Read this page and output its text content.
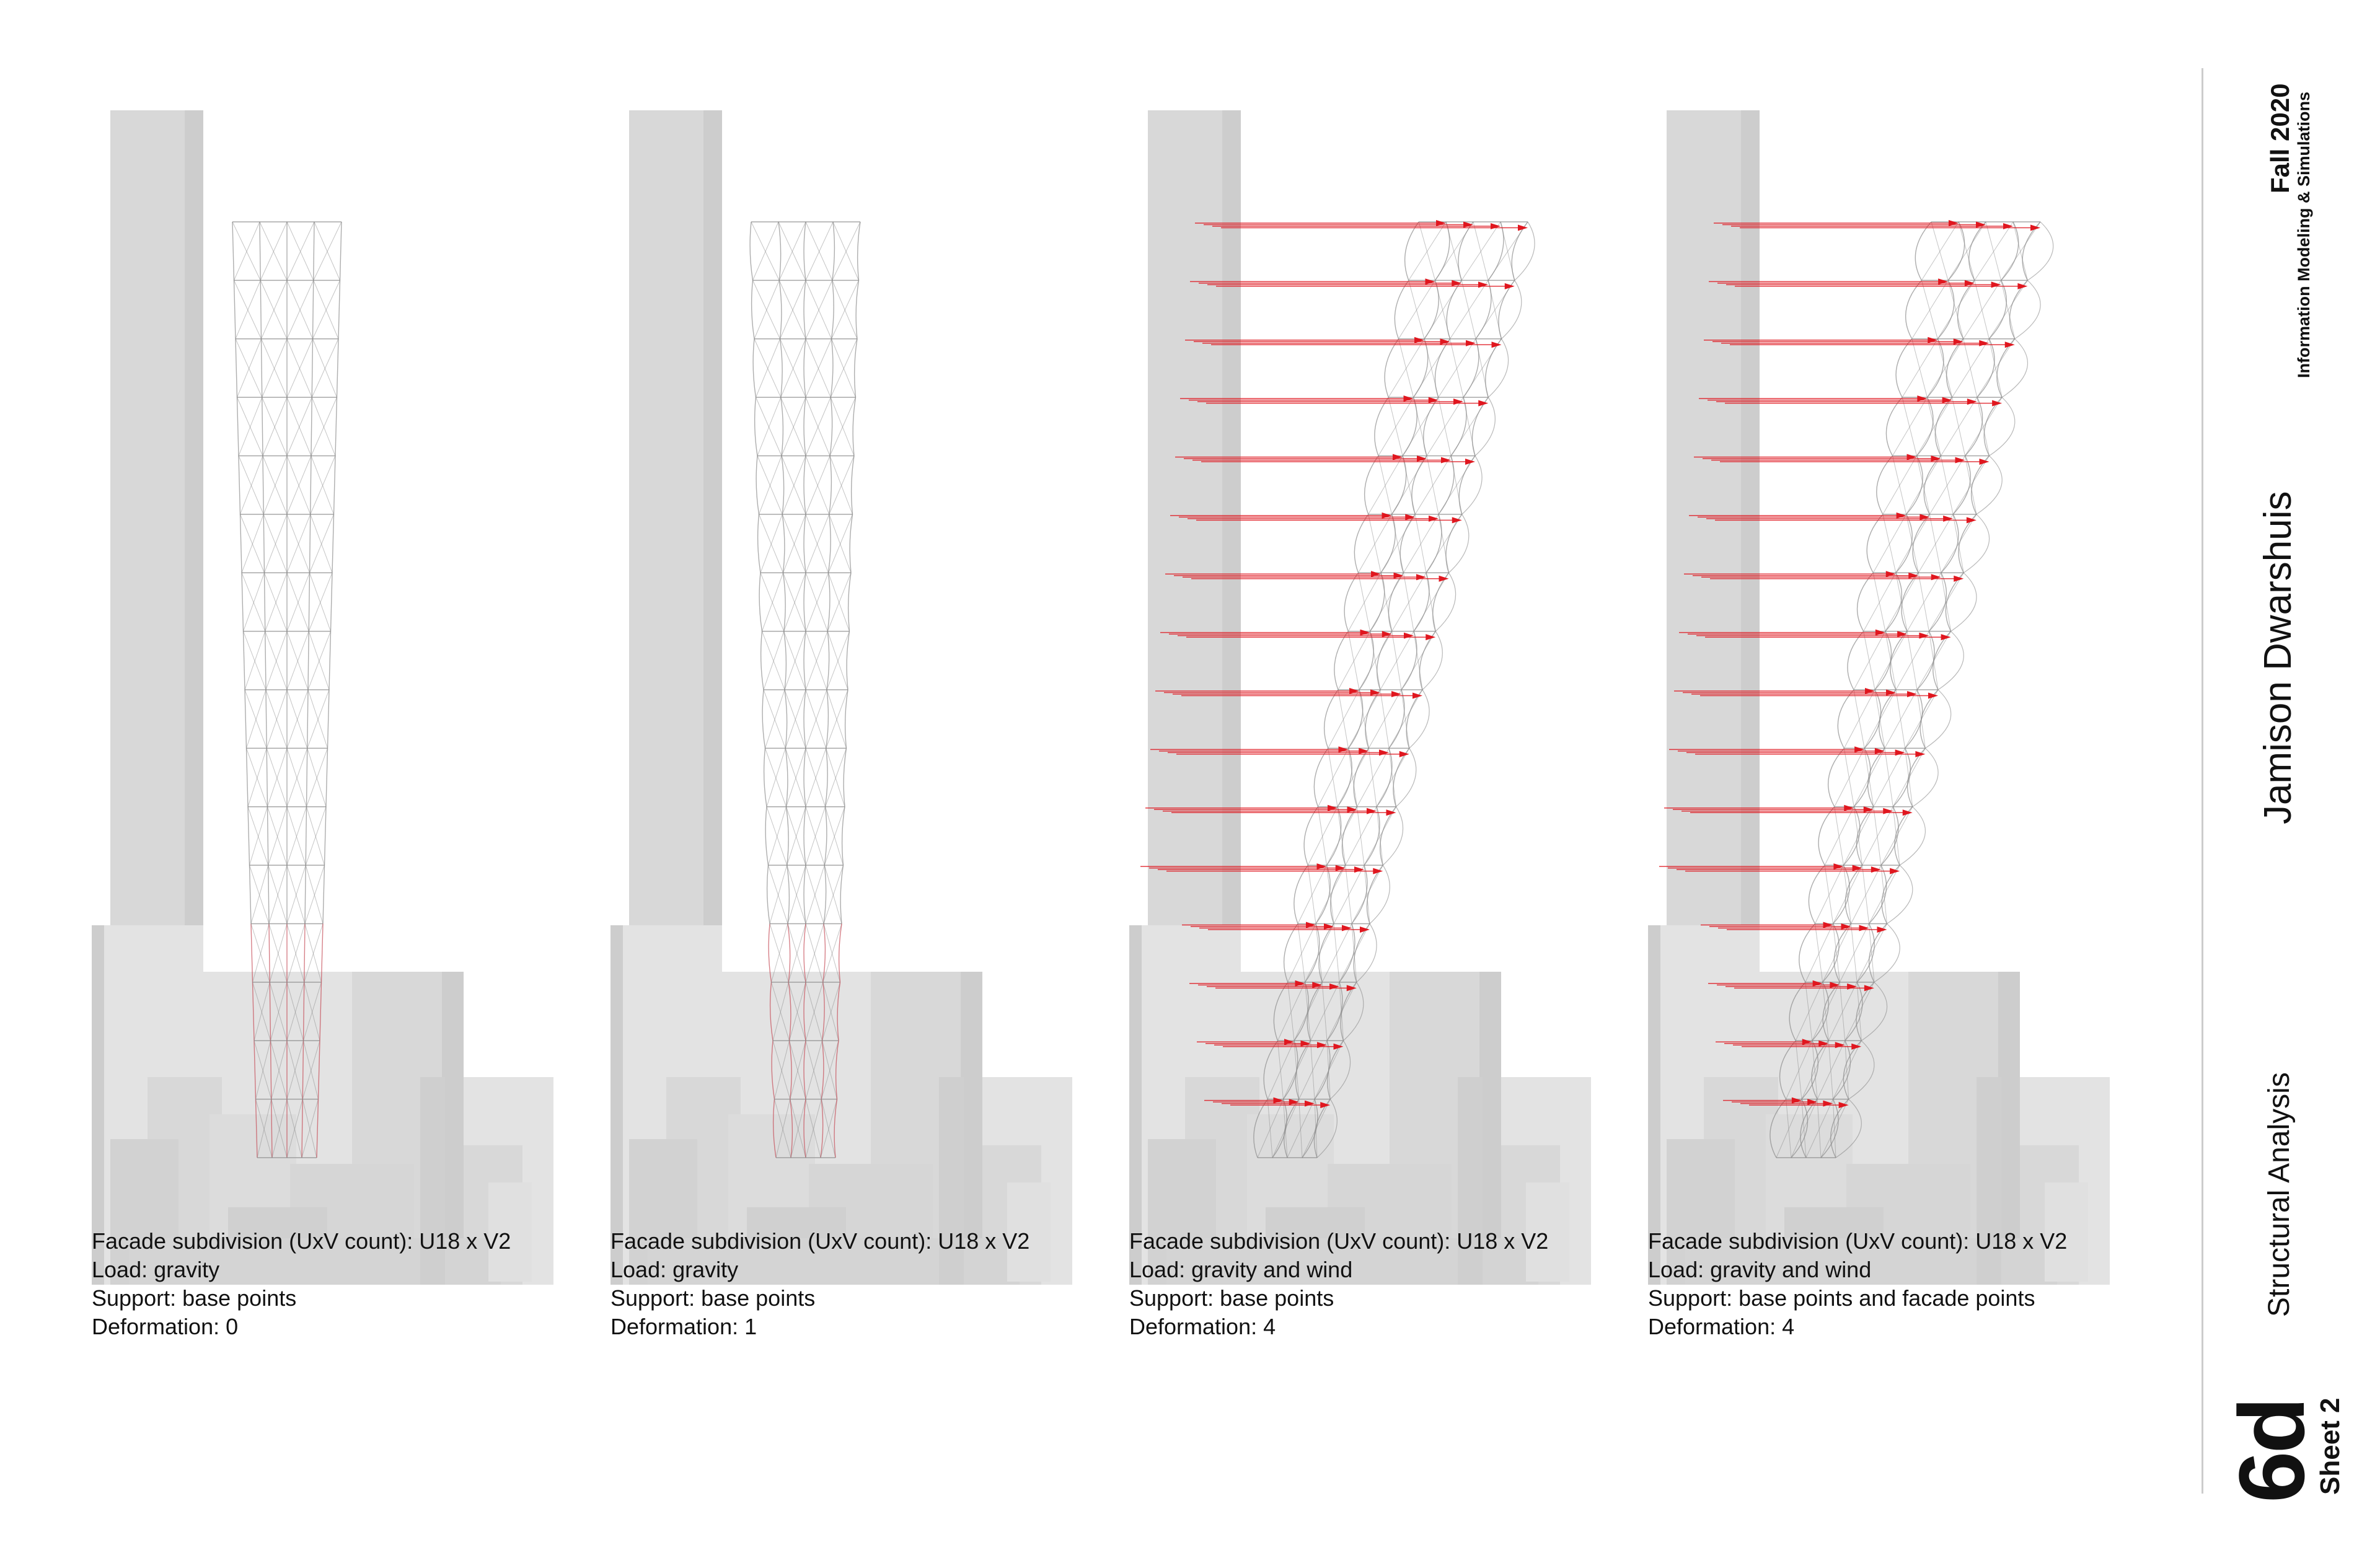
Facade subdivision (UxV count): U18 x V2
Load: gravity
Support: base points
Deformation: 0
Facade subdivision (UxV count): U18 x V2
Load: gravity
Support: base points
Deformation: 1
Facade subdivision (UxV count): U18 x V2
Load: gravity and wind
Support: base points
Deformation: 4
Facade subdivision (UxV count): U18 x V2
Load: gravity and wind
Support: base points and facade points
Deformation: 4
Fall 2020 Information Modeling & Simulations
Jamison Dwarshuis
Structural Analysis
6d
Sheet 2
